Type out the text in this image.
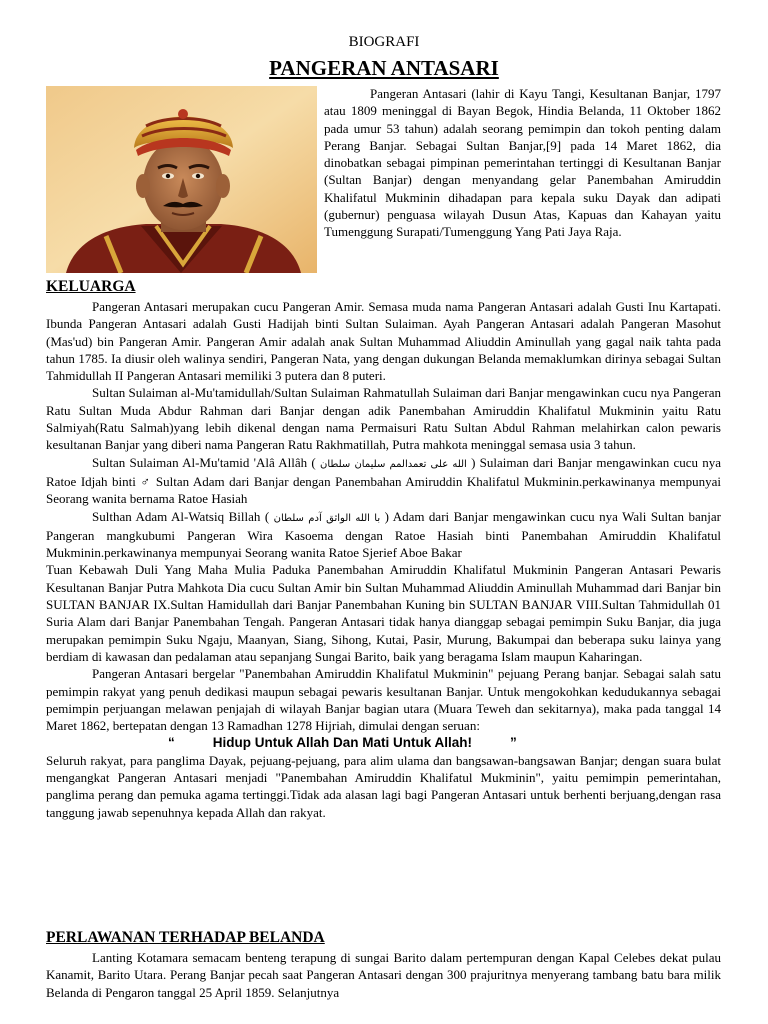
BIOGRAFI
PANGERAN ANTASARI

Pangeran Antasari (lahir di Kayu Tangi, Kesultanan Banjar, 1797 atau 1809 meninggal di Bayan Begok, Hindia Belanda, 11 Oktober 1862 pada umur 53 tahun) adalah seorang pemimpin dan tokoh penting dalam Perang Banjar. Sebagai Sultan Banjar,[9] pada 14 Maret 1862, dia dinobatkan sebagai pimpinan pemerintahan tertinggi di Kesultanan Banjar (Sultan Banjar) dengan menyandang gelar Panembahan Amiruddin Khalifatul Mukminin dihadapan para kepala suku Dayak dan adipati (gubernur) penguasa wilayah Dusun Atas, Kapuas dan Kahayan yaitu Tumenggung Surapati/Tumenggung Yang Pati Jaya Raja.

KELUARGA

Pangeran Antasari merupakan cucu Pangeran Amir. Semasa muda nama Pangeran Antasari adalah Gusti Inu Kartapati. Ibunda Pangeran Antasari adalah Gusti Hadijah binti Sultan Sulaiman. Ayah Pangeran Antasari adalah Pangeran Masohut (Mas'ud) bin Pangeran Amir. Pangeran Amir adalah anak Sultan Muhammad Aliuddin Aminullah yang gagal naik tahta pada tahun 1785. Ia diusir oleh walinya sendiri, Pangeran Nata, yang dengan dukungan Belanda memaklumkan dirinya sebagai Sultan Tahmidullah II Pangeran Antasari memiliki 3 putera dan 8 puteri.

Sultan Sulaiman al-Mu'tamidullah/Sultan Sulaiman Rahmatullah Sulaiman dari Banjar mengawinkan cucu nya Pangeran Ratu Sultan Muda Abdur Rahman dari Banjar dengan adik Panembahan Amiruddin Khalifatul Mukminin yaitu Ratu Salmiyah(Ratu Salmah)yang lebih dikenal dengan nama Permaisuri Ratu Sultan Abdul Rahman melahirkan calon pewaris kesultanan Banjar yang diberi nama Pangeran Ratu Rakhmatillah, Putra mahkota meninggal semasa usia 3 tahun.

Sultan Sulaiman Al-Mu'tamid 'Alâ Allâh ( الله على تعمدالمم سلیمان سلطان ) Sulaiman dari Banjar mengawinkan cucu nya Ratoe Idjah binti ♂ Sultan Adam dari Banjar dengan Panembahan Amiruddin Khalifatul Mukminin.perkawinanya mempunyai Seorang wanita bernama Ratoe Hasiah

Sulthan Adam Al-Watsiq Billah ( با الله الواثق آدم سلطان ) Adam dari Banjar mengawinkan cucu nya Wali Sultan banjar Pangeran mangkubumi Pangeran Wira Kasoema dengan Ratoe Hasiah binti Panembahan Amiruddin Khalifatul Mukminin.perkawinanya mempunyai Seorang wanita Ratoe Sjerief Aboe Bakar

Tuan Kebawah Duli Yang Maha Mulia Paduka Panembahan Amiruddin Khalifatul Mukminin Pangeran Antasari Pewaris Kesultanan Banjar Putra Mahkota Dia cucu Sultan Amir bin Sultan Muhammad Aliuddin Aminullah Muhammad dari Banjar bin SULTAN BANJAR IX.Sultan Hamidullah dari Banjar Panembahan Kuning bin SULTAN BANJAR VIII.Sultan Tahmidullah 01 Suria Alam dari Banjar Panembahan Tengah. Pangeran Antasari tidak hanya dianggap sebagai pemimpin Suku Banjar, dia juga merupakan pemimpin Suku Ngaju, Maanyan, Siang, Sihong, Kutai, Pasir, Murung, Bakumpai dan beberapa suku lainya yang berdiam di kawasan dan pedalaman atau sepanjang Sungai Barito, baik yang beragama Islam maupun Kaharingan.

Pangeran Antasari bergelar "Panembahan Amiruddin Khalifatul Mukminin" pejuang Perang banjar. Sebagai salah satu pemimpin rakyat yang penuh dedikasi maupun sebagai pewaris kesultanan Banjar. Untuk mengokohkan kedudukannya sebagai pemimpin perjuangan melawan penjajah di wilayah Banjar bagian utara (Muara Teweh dan sekitarnya), maka pada tanggal 14 Maret 1862, bertepatan dengan 13 Ramadhan 1278 Hijriah, dimulai dengan seruan:

“	Hidup Untuk Allah Dan Mati Untuk Allah!	”

Seluruh rakyat, para panglima Dayak, pejuang-pejuang, para alim ulama dan bangsawan-bangsawan Banjar; dengan suara bulat mengangkat Pangeran Antasari menjadi "Panembahan Amiruddin Khalifatul Mukminin", yaitu pemimpin pemerintahan, panglima perang dan pemuka agama tertinggi.Tidak ada alasan lagi bagi Pangeran Antasari untuk berhenti berjuang,dengan rasa tanggung jawab sepenuhnya kepada Allah dan rakyat.

PERLAWANAN TERHADAP BELANDA

Lanting Kotamara semacam benteng terapung di sungai Barito dalam pertempuran dengan Kapal Celebes dekat pulau Kanamit, Barito Utara. Perang Banjar pecah saat Pangeran Antasari dengan 300 prajuritnya menyerang tambang batu bara milik Belanda di Pengaron tanggal 25 April 1859. Selanjutnya
